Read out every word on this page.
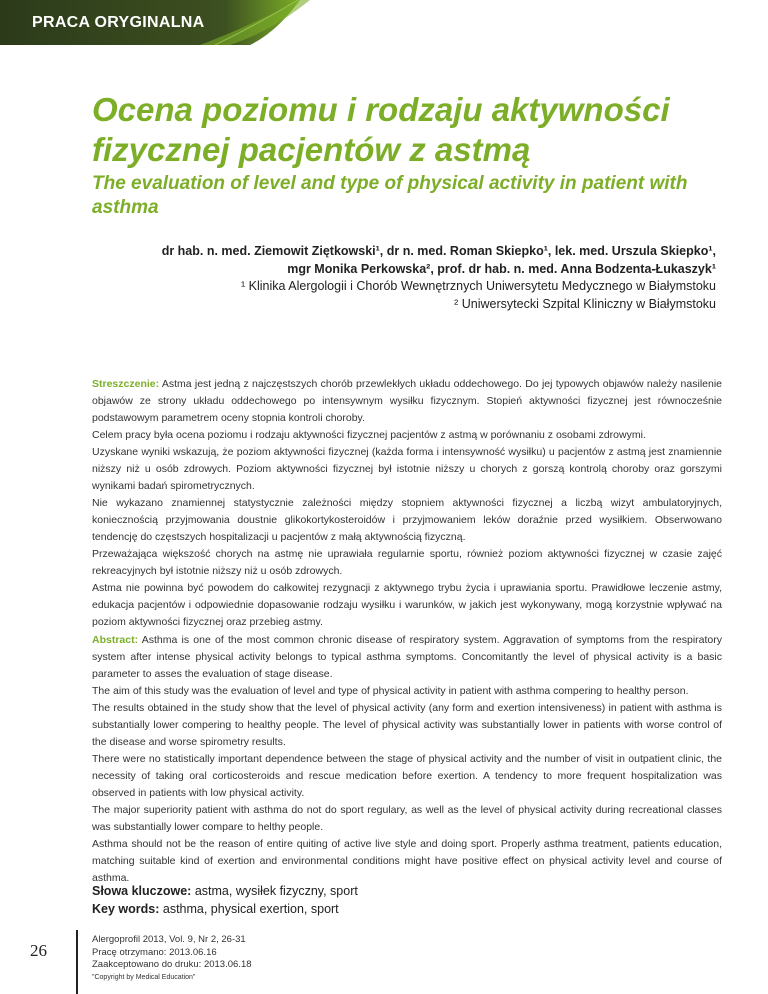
PRACA ORYGINALNA
Ocena poziomu i rodzaju aktywności fizycznej pacjentów z astmą
The evaluation of level and type of physical activity in patient with asthma
dr hab. n. med. Ziemowit Ziętkowski¹, dr n. med. Roman Skiepko¹, lek. med. Urszula Skiepko¹,
mgr Monika Perkowska², prof. dr hab. n. med. Anna Bodzenta-Łukaszyk¹
¹ Klinika Alergologii i Chorób Wewnętrznych Uniwersytetu Medycznego w Białymstoku
² Uniwersytecki Szpital Kliniczny w Białymstoku

Streszczenie: Astma jest jedną z najczęstszych chorób przewlekłych układu oddechowego. Do jej typowych objawów należy nasilenie objawów ze strony układu oddechowego po intensywnym wysiłku fizycznym. Stopień aktywności fizycznej jest równocześnie podstawowym parametrem oceny stopnia kontroli choroby.

Celem pracy była ocena poziomu i rodzaju aktywności fizycznej pacjentów z astmą w porównaniu z osobami zdrowymi.

Uzyskane wyniki wskazują, że poziom aktywności fizycznej (każda forma i intensywność wysiłku) u pacjentów z astmą jest znamiennie niższy niż u osób zdrowych. Poziom aktywności fizycznej był istotnie niższy u chorych z gorszą kontrolą choroby oraz gorszymi wynikami badań spirometrycznych.

Nie wykazano znamiennej statystycznie zależności między stopniem aktywności fizycznej a liczbą wizyt ambulatoryjnych, koniecznością przyjmowania doustnie glikokortykosteroidów i przyjmowaniem leków doraźnie przed wysiłkiem. Obserwowano tendencję do częstszych hospitalizacji u pacjentów z małą aktywnością fizyczną.

Przeważająca większość chorych na astmę nie uprawiała regularnie sportu, również poziom aktywności fizycznej w czasie zajęć rekreacyjnych był istotnie niższy niż u osób zdrowych.

Astma nie powinna być powodem do całkowitej rezygnacji z aktywnego trybu życia i uprawiania sportu. Prawidłowe leczenie astmy, edukacja pacjentów i odpowiednie dopasowanie rodzaju wysiłku i warunków, w jakich jest wykonywany, mogą korzystnie wpływać na poziom aktywności fizycznej oraz przebieg astmy.

Abstract: Asthma is one of the most common chronic disease of respiratory system. Aggravation of symptoms from the respiratory system after intense physical activity belongs to typical asthma symptoms. Concomitantly the level of physical activity is a basic parameter to asses the evaluation of stage disease.

The aim of this study was the evaluation of level and type of physical activity in patient with asthma compering to healthy person.

The results obtained in the study show that the level of physical activity (any form and exertion intensiveness) in patient with asthma is substantially lower compering to healthy people. The level of physical activity was substantially lower in patients with worse control of the disease and worse spirometry results.

There were no statistically important dependence between the stage of physical activity and the number of visit in outpatient clinic, the necessity of taking oral corticosteroids and rescue medication before exertion. A tendency to more frequent hospitalization was observed in patients with low physical activity.

The major superiority patient with asthma do not do sport regulary, as well as the level of physical activity during recreational classes was substantially lower compare to helthy people.

Asthma should not be the reason of entire quiting of active live style and doing sport. Properly asthma treatment, patients education, matching suitable kind of exertion and environmental conditions might have positive effect on physical activity level and course of asthma.

Słowa kluczowe: astma, wysiłek fizyczny, sport
Key words: asthma, physical exertion, sport
26
Alergoprofil 2013, Vol. 9, Nr 2, 26-31
Pracę otrzymano: 2013.06.16
Zaakceptowano do druku: 2013.06.18
"Copyright by Medical Education"
